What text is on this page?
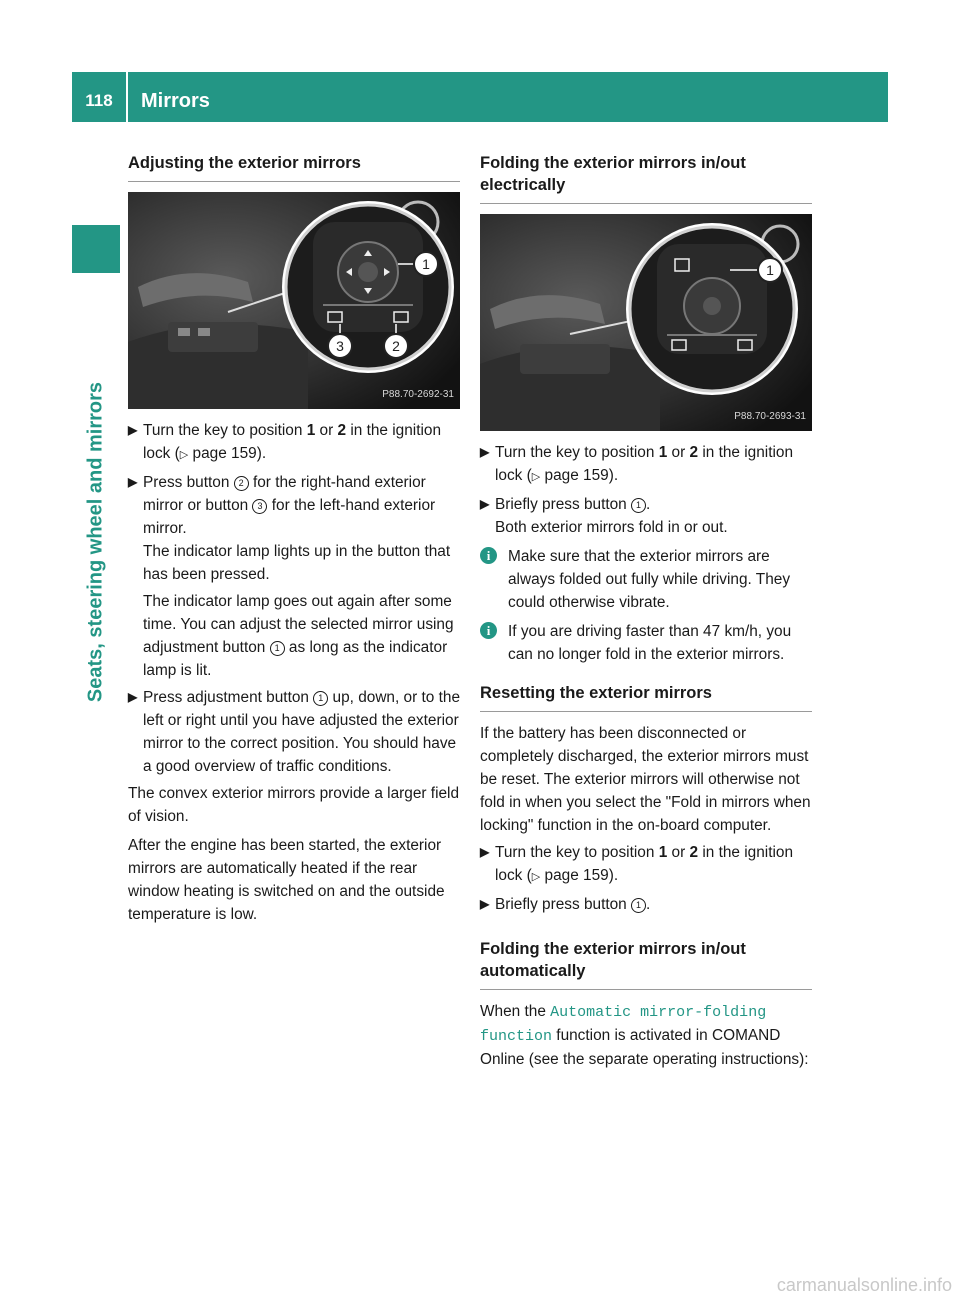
118	Mirrors
Seats, steering wheel and mirrors
Adjusting the exterior mirrors
1
3	2
P88.70-2692-31

▶ Turn the key to position 1 or 2 in the ignition lock (▷ page 159).

▶ Press button 2 for the right-hand exterior mirror or button 3 for the left-hand exterior mirror.

The indicator lamp lights up in the button that has been pressed.

The indicator lamp goes out again after some time. You can adjust the selected mirror using adjustment button 1 as long as the indicator lamp is lit.

▶ Press adjustment button 1 up, down, or to the left or right until you have adjusted the exterior mirror to the correct position. You should have a good overview of traffic conditions.

The convex exterior mirrors provide a larger field of vision.

After the engine has been started, the exterior mirrors are automatically heated if the rear window heating is switched on and the outside temperature is low.

Folding the exterior mirrors in/out electrically
1
P88.70-2693-31

▶ Turn the key to position 1 or 2 in the ignition lock (▷ page 159).

▶ Briefly press button 1 .

Both exterior mirrors fold in or out.

i	Make sure that the exterior mirrors are always folded out fully while driving. They could otherwise vibrate.

i	If you are driving faster than 47 km/h, you can no longer fold in the exterior mirrors.

Resetting the exterior mirrors

If the battery has been disconnected or completely discharged, the exterior mirrors must be reset. The exterior mirrors will otherwise not fold in when you select the "Fold in mirrors when locking" function in the on-board computer.

▶ Turn the key to position 1 or 2 in the ignition lock (▷ page 159).

▶ Briefly press button 1 .

Folding the exterior mirrors in/out automatically

When the Automatic mirror-folding function function is activated in COMAND Online (see the separate operating instructions):

carmanualsonline.info
